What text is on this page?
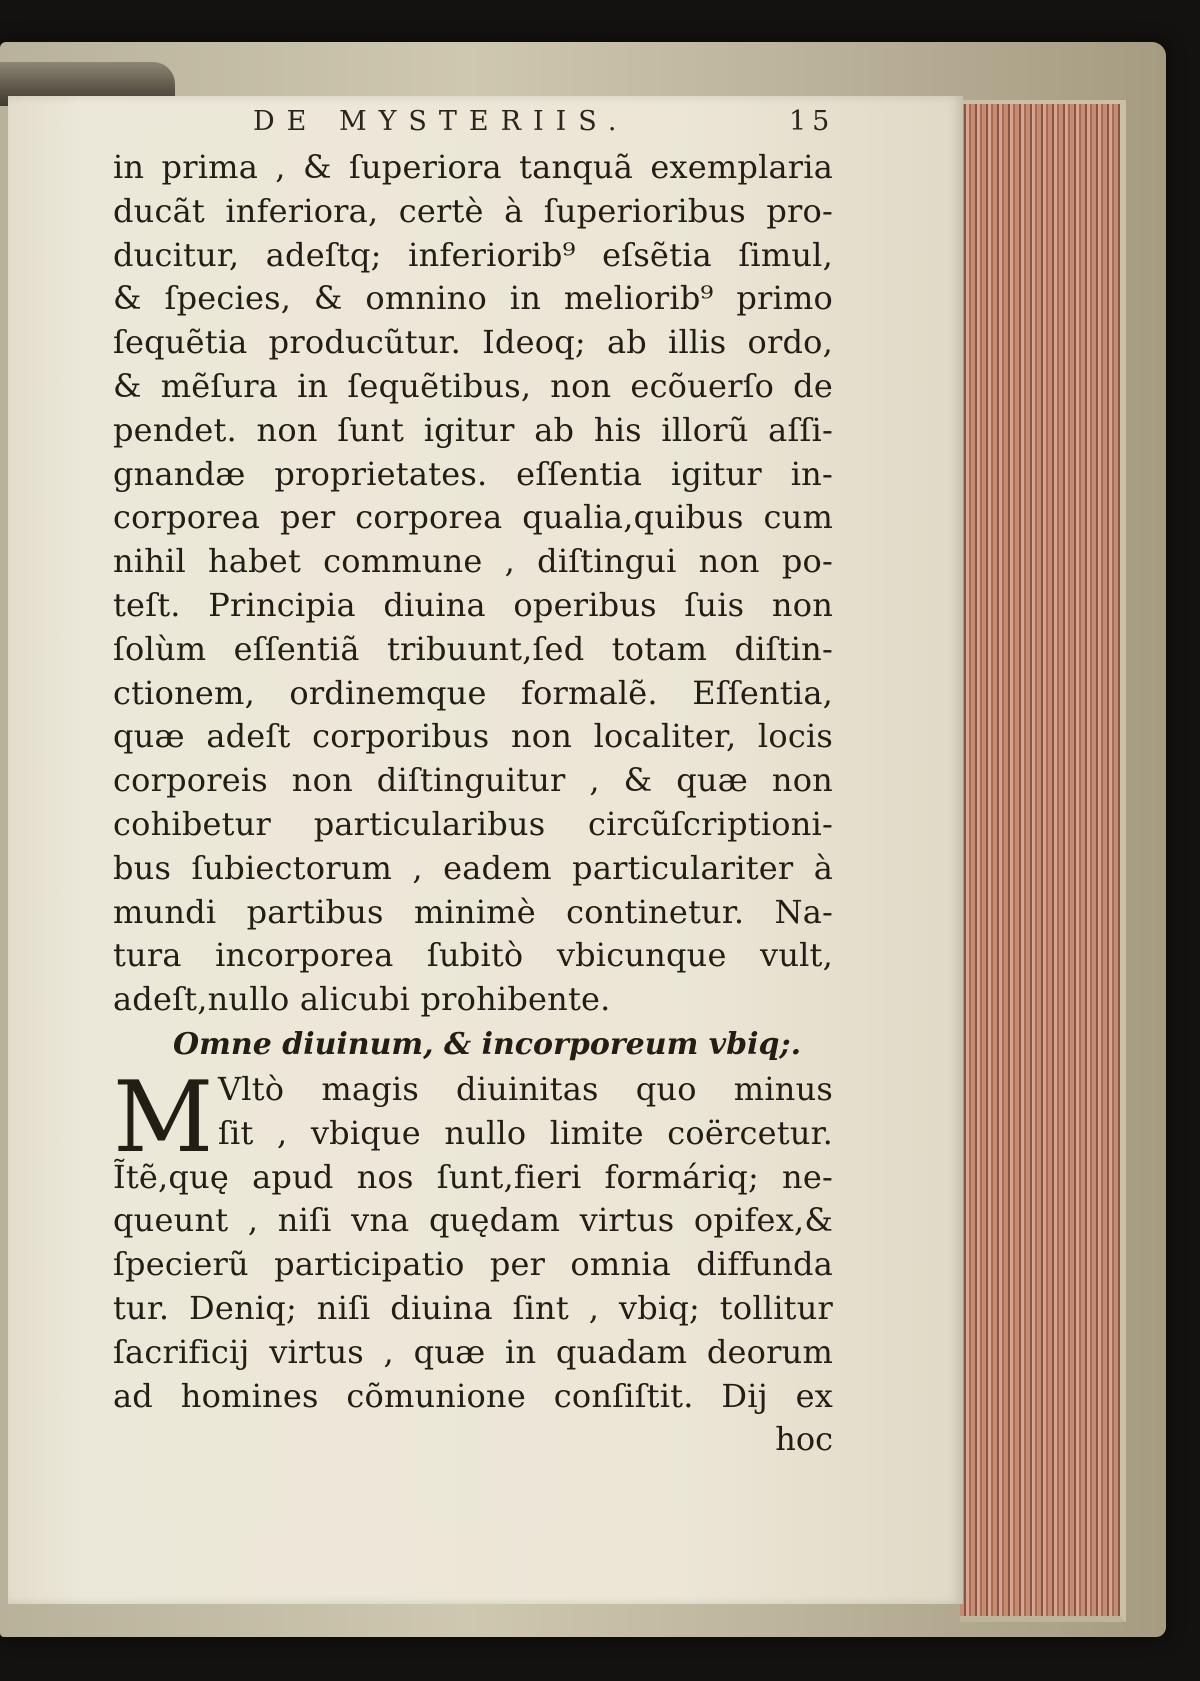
DE MYSTERIIS.	15
in prima , & ſuperiora tanquã exemplaria
ducãt inferiora, certè à ſuperioribus pro-
ducitur, adeſtq; inferiorib⁹ eſsẽtia ſimul,
& ſpecies, & omnino in meliorib⁹ primo
ſequẽtia producũtur. Ideoq; ab illis ordo,
& mẽſura in ſequẽtibus, non ecõuerſo de
pendet. non ſunt igitur ab his illorũ aſſi-
gnandæ proprietates. eſſentia igitur in-
corporea per corporea qualia,quibus cum
nihil habet commune , diſtingui non po-
teſt. Principia diuina operibus ſuis non
ſolùm eſſentiã tribuunt,ſed totam diſtin-
ctionem, ordinemque formalẽ. Eſſentia,
quæ adeſt corporibus non localiter, locis
corporeis non diſtinguitur , & quæ non
cohibetur particularibus circũſcriptioni-
bus ſubiectorum , eadem particulariter à
mundi partibus minimè continetur. Na-
tura incorporea ſubitò vbicunque vult,
adeſt,nullo alicubi prohibente.
Omne diuinum, & incorporeum vbiq;.
M Vltò magis diuinitas quo minus
ſit , vbique nullo limite coërcetur.
Ĩtẽ,quę apud nos ſunt,fieri formáriq; ne-
queunt , niſi vna quędam virtus opifex,&
ſpecierũ participatio per omnia diffunda
tur. Deniq; niſi diuina ſint , vbiq; tollitur
ſacrificij virtus , quæ in quadam deorum
ad homines cõmunione conſiſtit. Dij ex
hoc
